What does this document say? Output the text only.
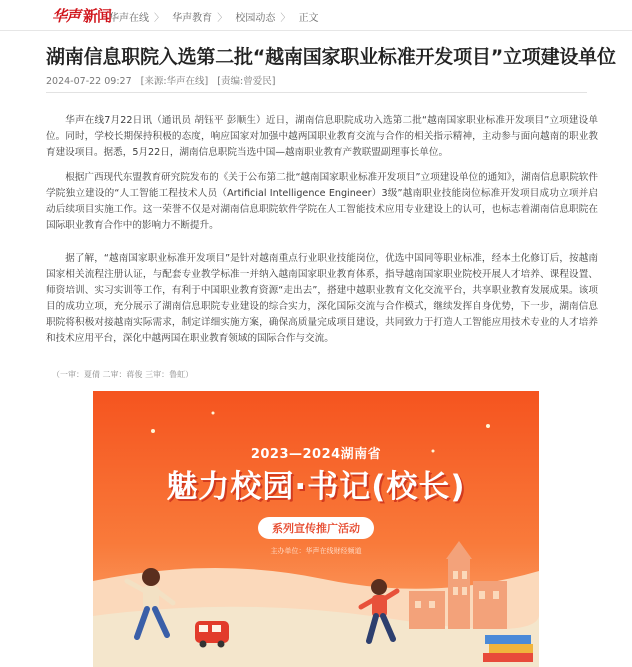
华声 新闻
华声在线 〉 华声教育 〉 校园动态 〉 正文
湖南信息职院入选第二批“越南国家职业标准开发项目”立项建设单位
2024-07-22 09:27 [来源:华声在线] [责编:曾爱民]

华声在线7月22日讯（通讯员 胡钰平 彭顺生）近日，湖南信息职院成功入选第二批“越南国家职业标准开发项目”立项建设单位。同时，学校长期保持积极的态度，响应国家对加强中越两国职业教育交流与合作的相关指示精神，主动参与面向越南的职业教育建设项目。据悉，5月22日，湖南信息职院当选中国—越南职业教育产教联盟副理事长单位。

根据广西现代东盟教育研究院发布的《关于公布第二批“越南国家职业标准开发项目”立项建设单位的通知》，湖南信息职院软件学院独立建设的“人工智能工程技术人员（Artificial Intelligence Engineer）3级”越南职业技能岗位标准开发项目成功立项并启动后续项目实施工作。这一荣誉不仅是对湖南信息职院软件学院在人工智能技术应用专业建设上的认可，也标志着湖南信息职院在国际职业教育合作中的影响力不断提升。

据了解，“越南国家职业标准开发项目”是针对越南重点行业职业技能岗位，优选中国同等职业标准，经本土化修订后，按越南国家相关流程注册认证，与配套专业教学标准一并纳入越南国家职业教育体系，指导越南国家职业院校开展人才培养、课程设置、师资培训、实习实训等工作，有利于中国职业教育资源“走出去”，搭建中越职业教育文化交流平台，共享职业教育发展成果。该项目的成功立项，充分展示了湖南信息职院专业建设的综合实力，深化国际交流与合作模式，继续发挥自身优势，下一步，湖南信息职院将积极对接越南实际需求，制定详细实施方案，确保高质量完成项目建设，共同致力于打造人工智能应用技术专业的人才培养和技术应用平台，深化中越两国在职业教育领域的国际合作与交流。

（一审：夏倩 二审：蒋俊 三审：鲁虹）
2023—2024湖南省
魅力校园·书记(校长)
系列宣传推广活动
主办单位：华声在线财经频道
